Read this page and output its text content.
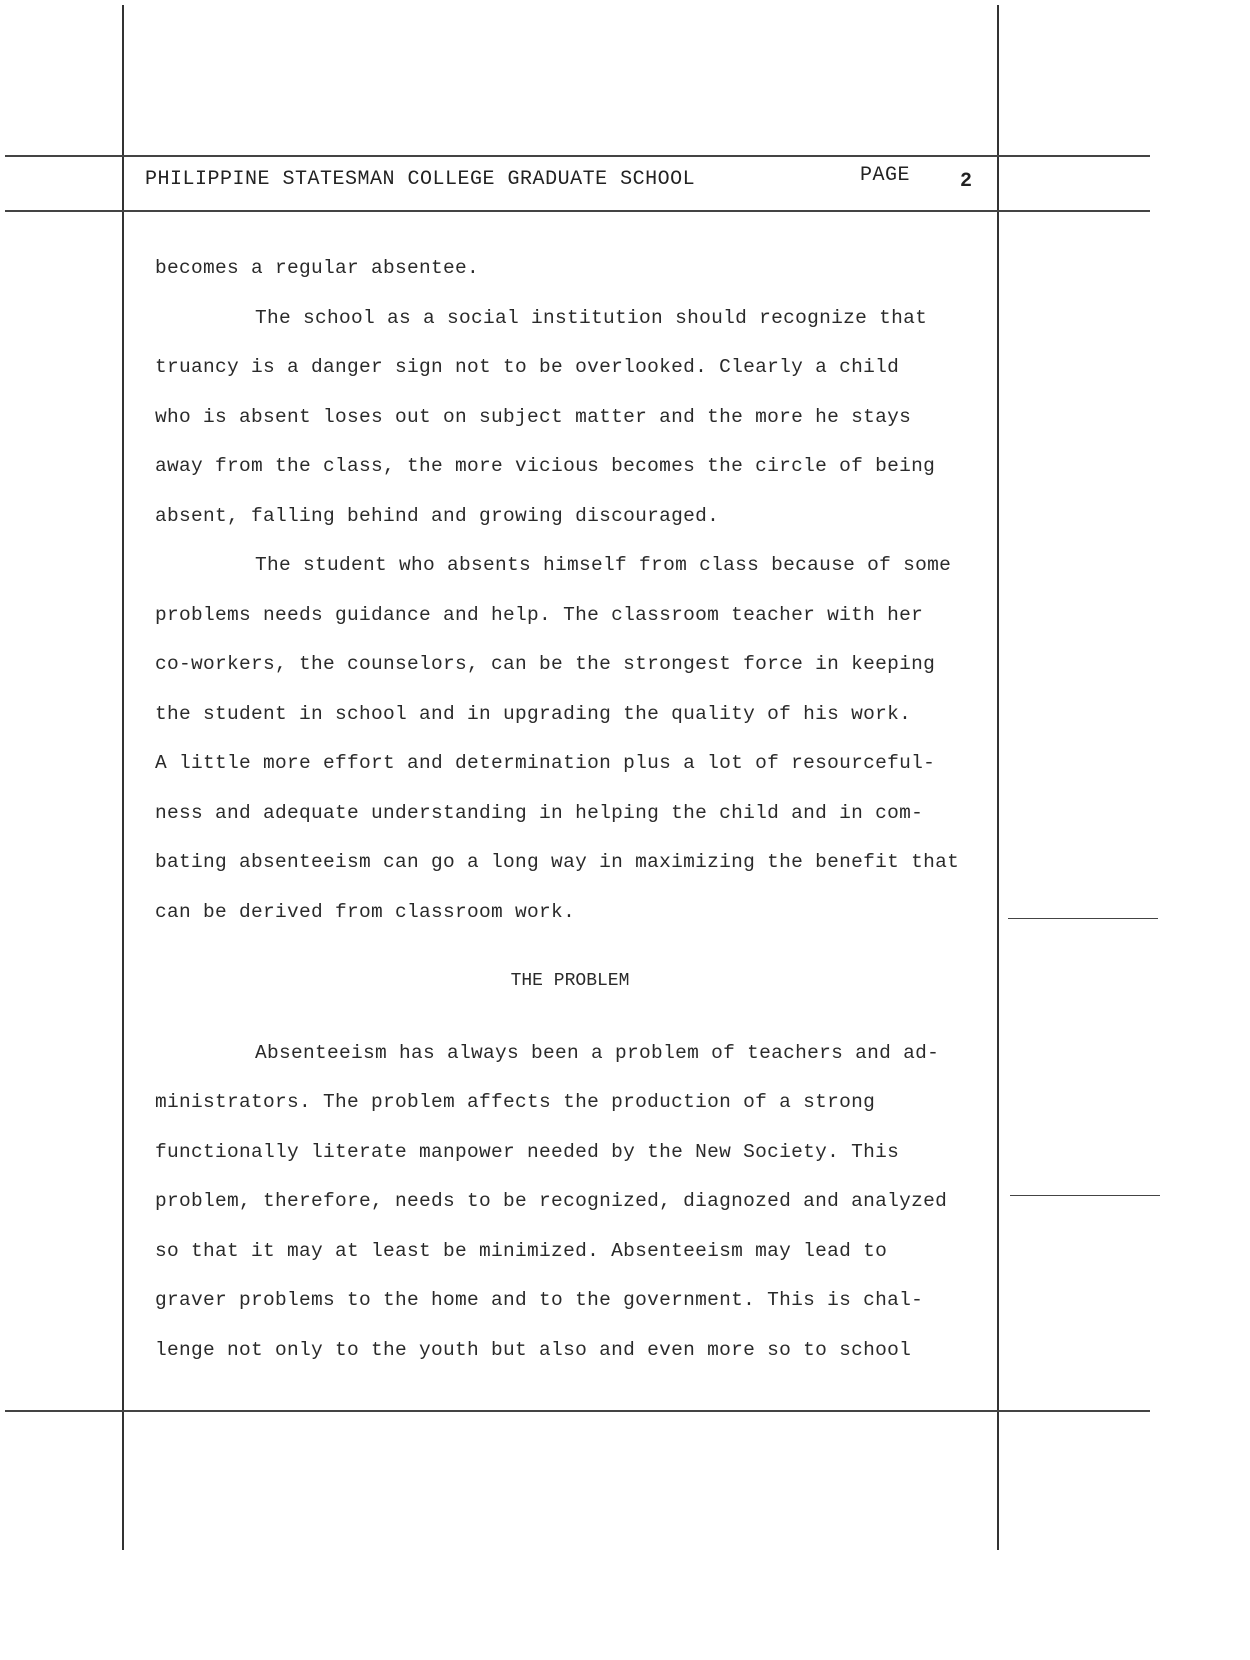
PHILIPPINE STATESMAN COLLEGE GRADUATE SCHOOL	PAGE 2
becomes a regular absentee.
The school as a social institution should recognize that
truancy is a danger sign not to be overlooked. Clearly a child
who is absent loses out on subject matter and the more he stays
away from the class, the more vicious becomes the circle of being
absent, falling behind and growing discouraged.
The student who absents himself from class because of some
problems needs guidance and help. The classroom teacher with her
co-workers, the counselors, can be the strongest force in keeping
the student in school and in upgrading the quality of his work.
A little more effort and determination plus a lot of resourceful-
ness and adequate understanding in helping the child and in com-
bating absenteeism can go a long way in maximizing the benefit that
can be derived from classroom work.
THE PROBLEM
Absenteeism has always been a problem of teachers and ad-
ministrators. The problem affects the production of a strong
functionally literate manpower needed by the New Society. This
problem, therefore, needs to be recognized, diagnozed and analyzed
so that it may at least be minimized. Absenteeism may lead to
graver problems to the home and to the government. This is chal-
lenge not only to the youth but also and even more so to school
